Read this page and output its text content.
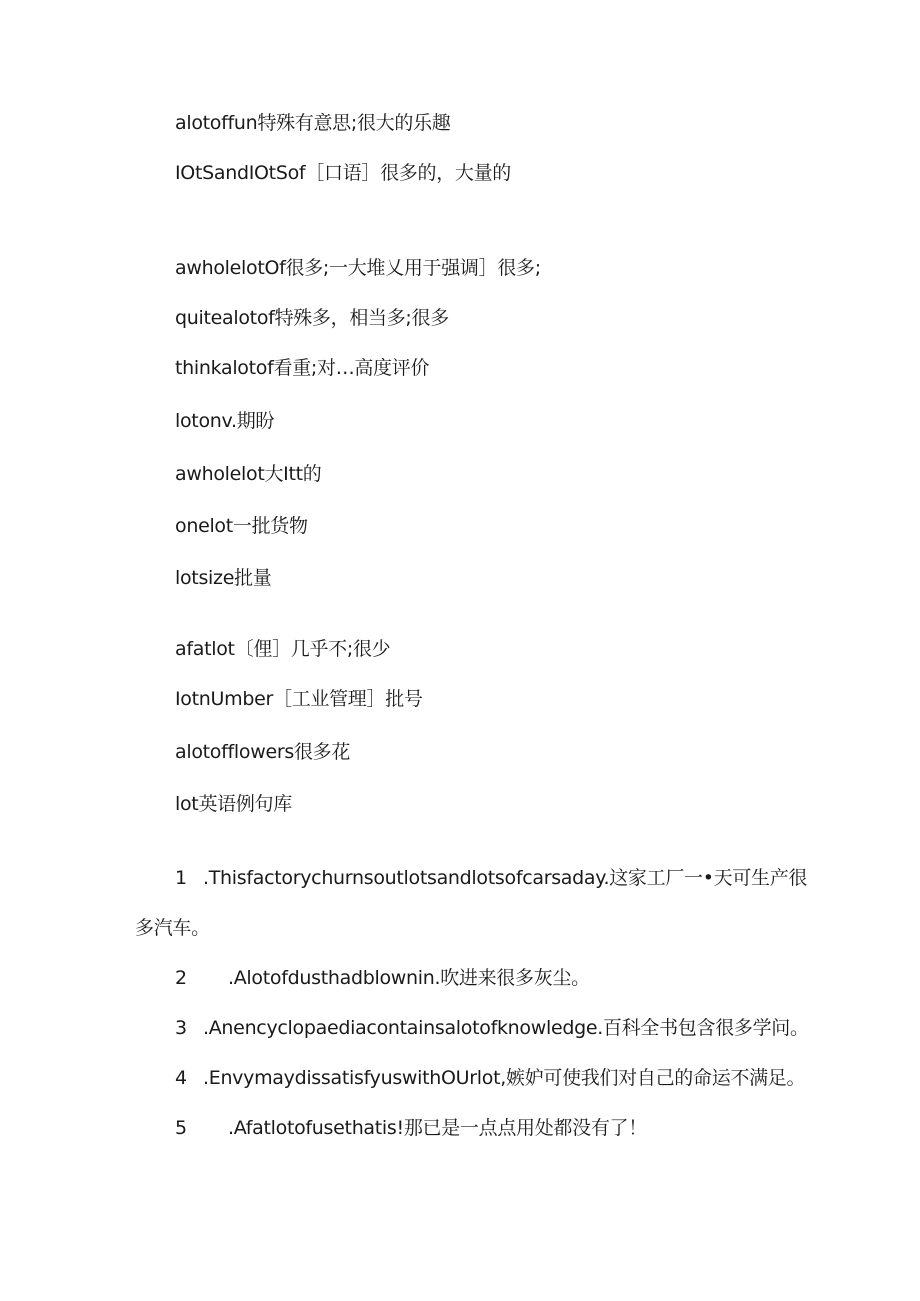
alotoffun特殊有意思;很大的乐趣
IOtSandIOtSof［口语］很多的，大量的
awholelotOf很多;一大堆乂用于强调］很多;
quitealotof特殊多，相当多;很多
thinkalotof看重;对…高度评价
lotonv.期盼
awholelot大Itt的
onelot一批货物
lotsize批量
afatlot〔俚］几乎不;很少
IotnUmber［工业管理］批号
alotofflowers很多花
lot英语例句库
1 .Thisfactorychurnsoutlotsandlotsofcarsaday.这家工厂一•天可生产很
多汽车。
2 .Alotofdusthadblownin.吹进来很多灰尘。
3 .Anencyclopaediacontainsalotofknowledge.百科全书包含很多学问。
4 .EnvymaydissatisfyuswithOUrlot,嫉妒可使我们对自己的命运不满足。
5 .Afatlotofusethatis!那已是一点点用处都没有了！
